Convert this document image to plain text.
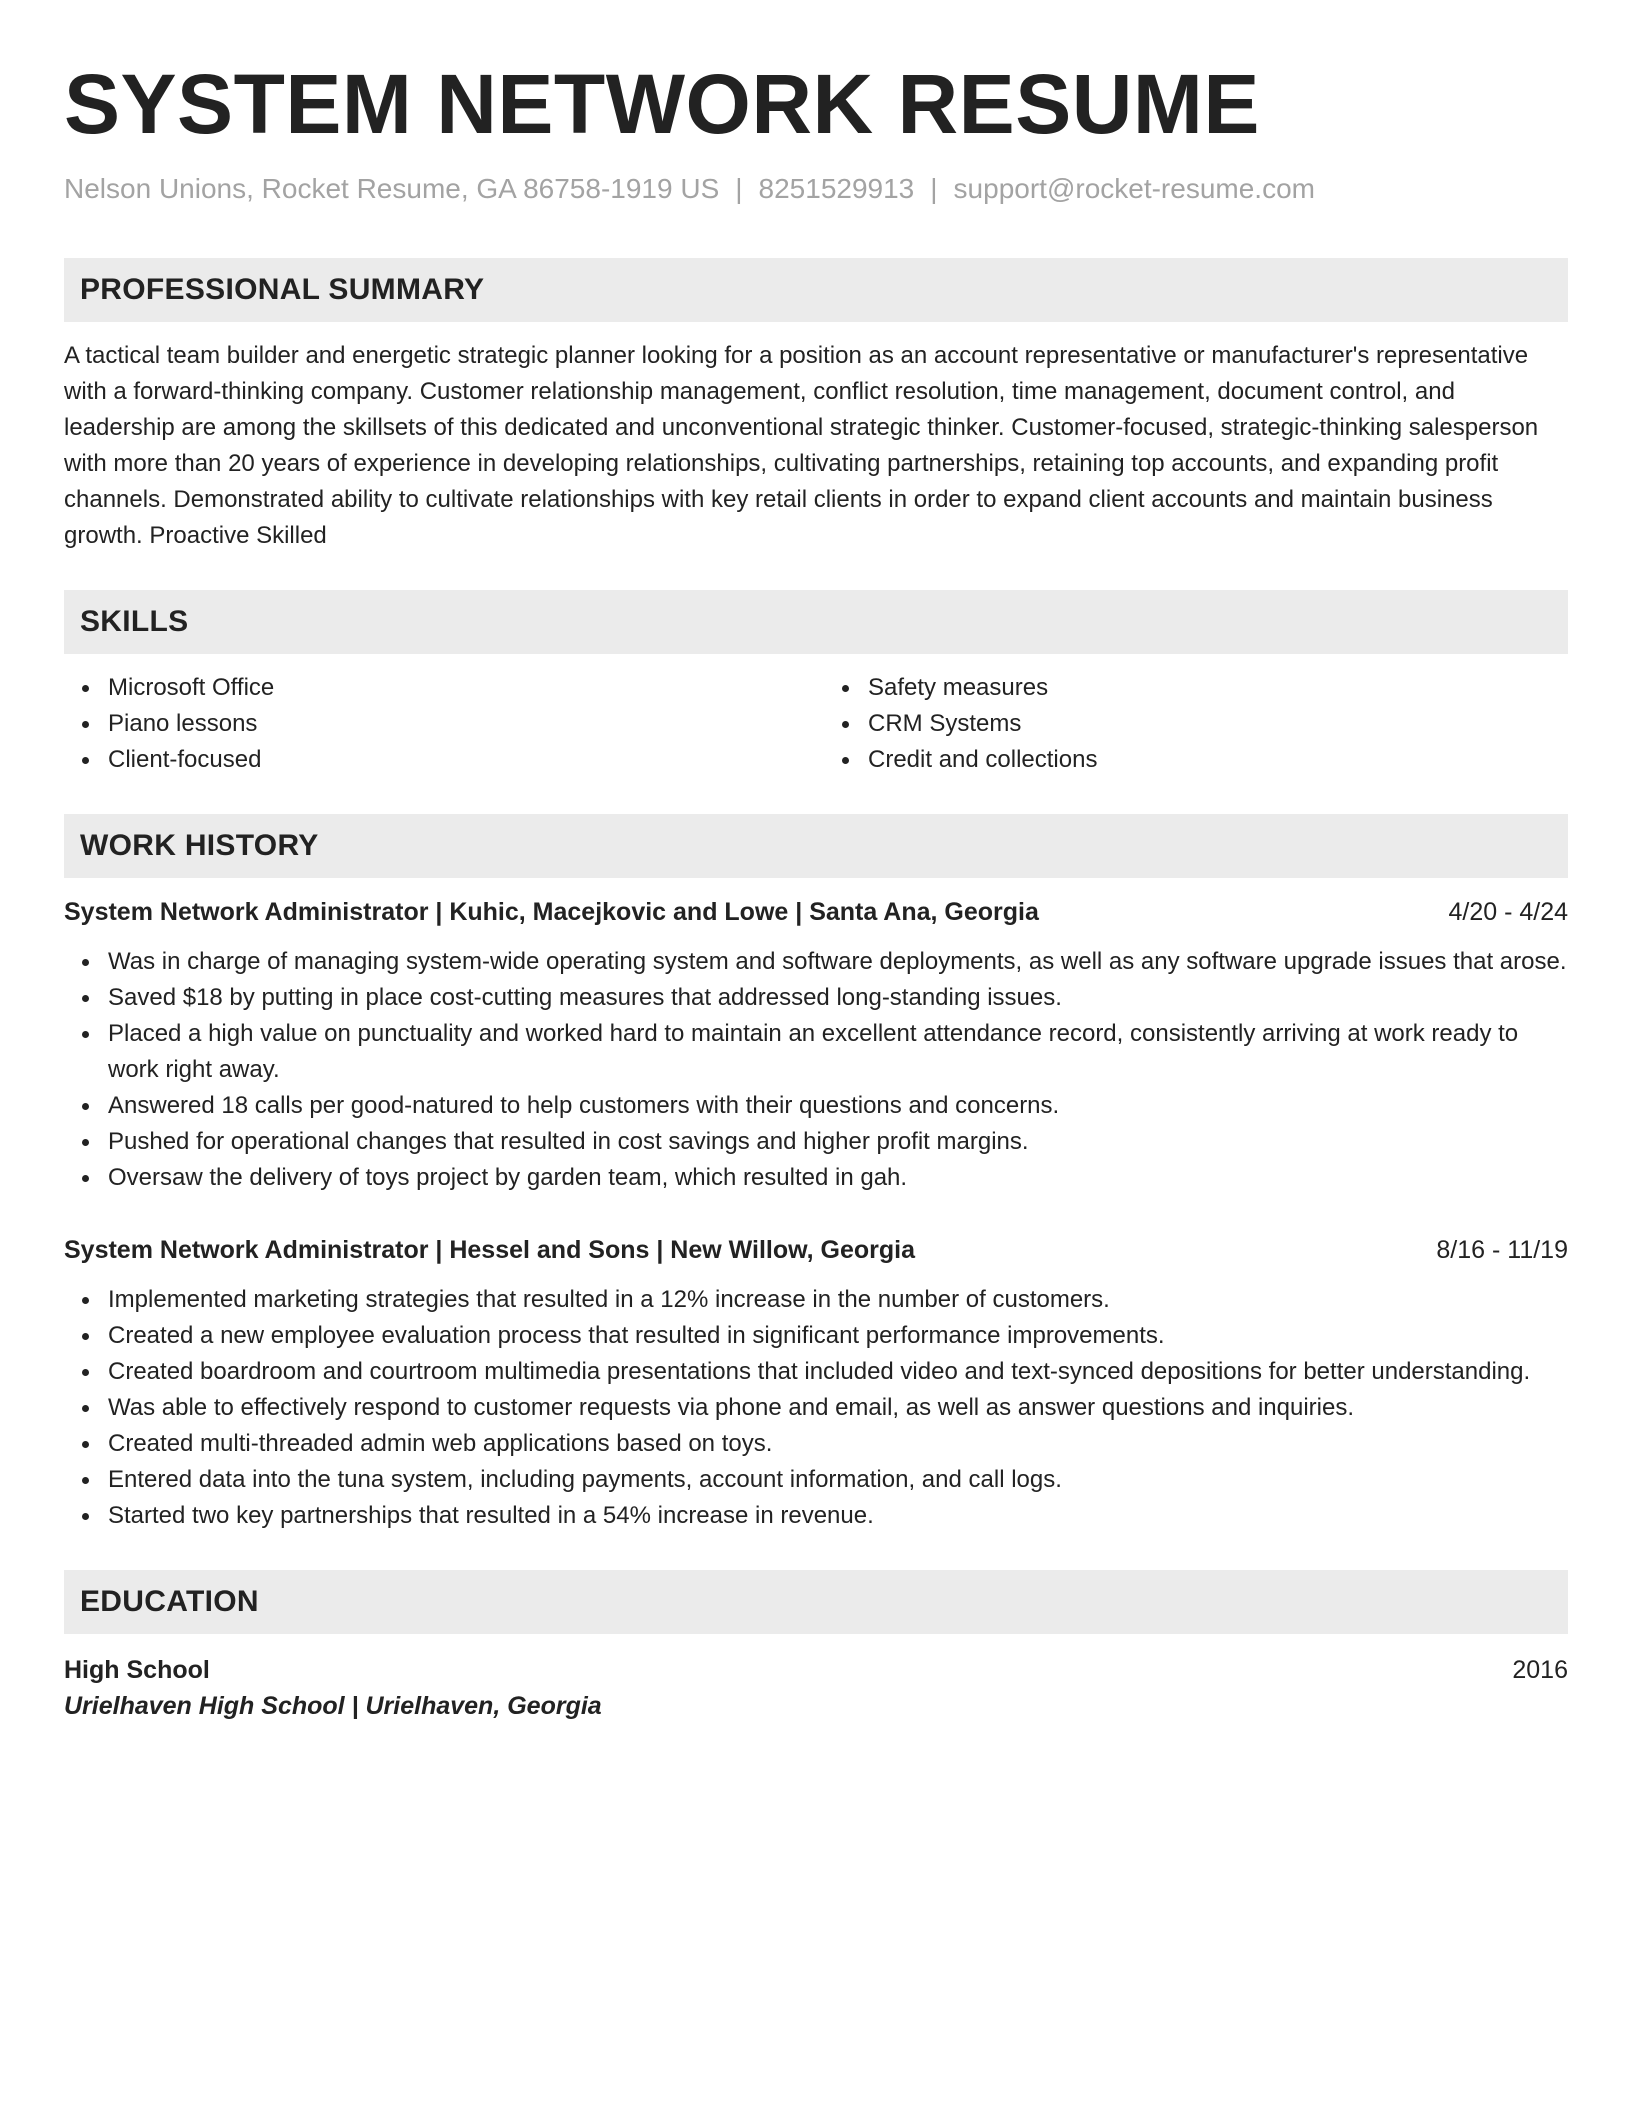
SYSTEM NETWORK RESUME
Nelson Unions, Rocket Resume, GA 86758-1919 US | 8251529913 | support@rocket-resume.com
PROFESSIONAL SUMMARY

A tactical team builder and energetic strategic planner looking for a position as an account representative or manufacturer's representative with a forward-thinking company. Customer relationship management, conflict resolution, time management, document control, and leadership are among the skillsets of this dedicated and unconventional strategic thinker. Customer-focused, strategic-thinking salesperson with more than 20 years of experience in developing relationships, cultivating partnerships, retaining top accounts, and expanding profit channels. Demonstrated ability to cultivate relationships with key retail clients in order to expand client accounts and maintain business growth. Proactive Skilled

SKILLS
Microsoft Office
Piano lessons
Client-focused
Safety measures
CRM Systems
Credit and collections
WORK HISTORY
System Network Administrator | Kuhic, Macejkovic and Lowe | Santa Ana, Georgia	4/20 - 4/24
Was in charge of managing system-wide operating system and software deployments, as well as any software upgrade issues that arose.
Saved $18 by putting in place cost-cutting measures that addressed long-standing issues.
Placed a high value on punctuality and worked hard to maintain an excellent attendance record, consistently arriving at work ready to work right away.
Answered 18 calls per good-natured to help customers with their questions and concerns.
Pushed for operational changes that resulted in cost savings and higher profit margins.
Oversaw the delivery of toys project by garden team, which resulted in gah.
System Network Administrator | Hessel and Sons | New Willow, Georgia	8/16 - 11/19
Implemented marketing strategies that resulted in a 12% increase in the number of customers.
Created a new employee evaluation process that resulted in significant performance improvements.
Created boardroom and courtroom multimedia presentations that included video and text-synced depositions for better understanding.
Was able to effectively respond to customer requests via phone and email, as well as answer questions and inquiries.
Created multi-threaded admin web applications based on toys.
Entered data into the tuna system, including payments, account information, and call logs.
Started two key partnerships that resulted in a 54% increase in revenue.
EDUCATION
High School	2016
Urielhaven High School | Urielhaven, Georgia
